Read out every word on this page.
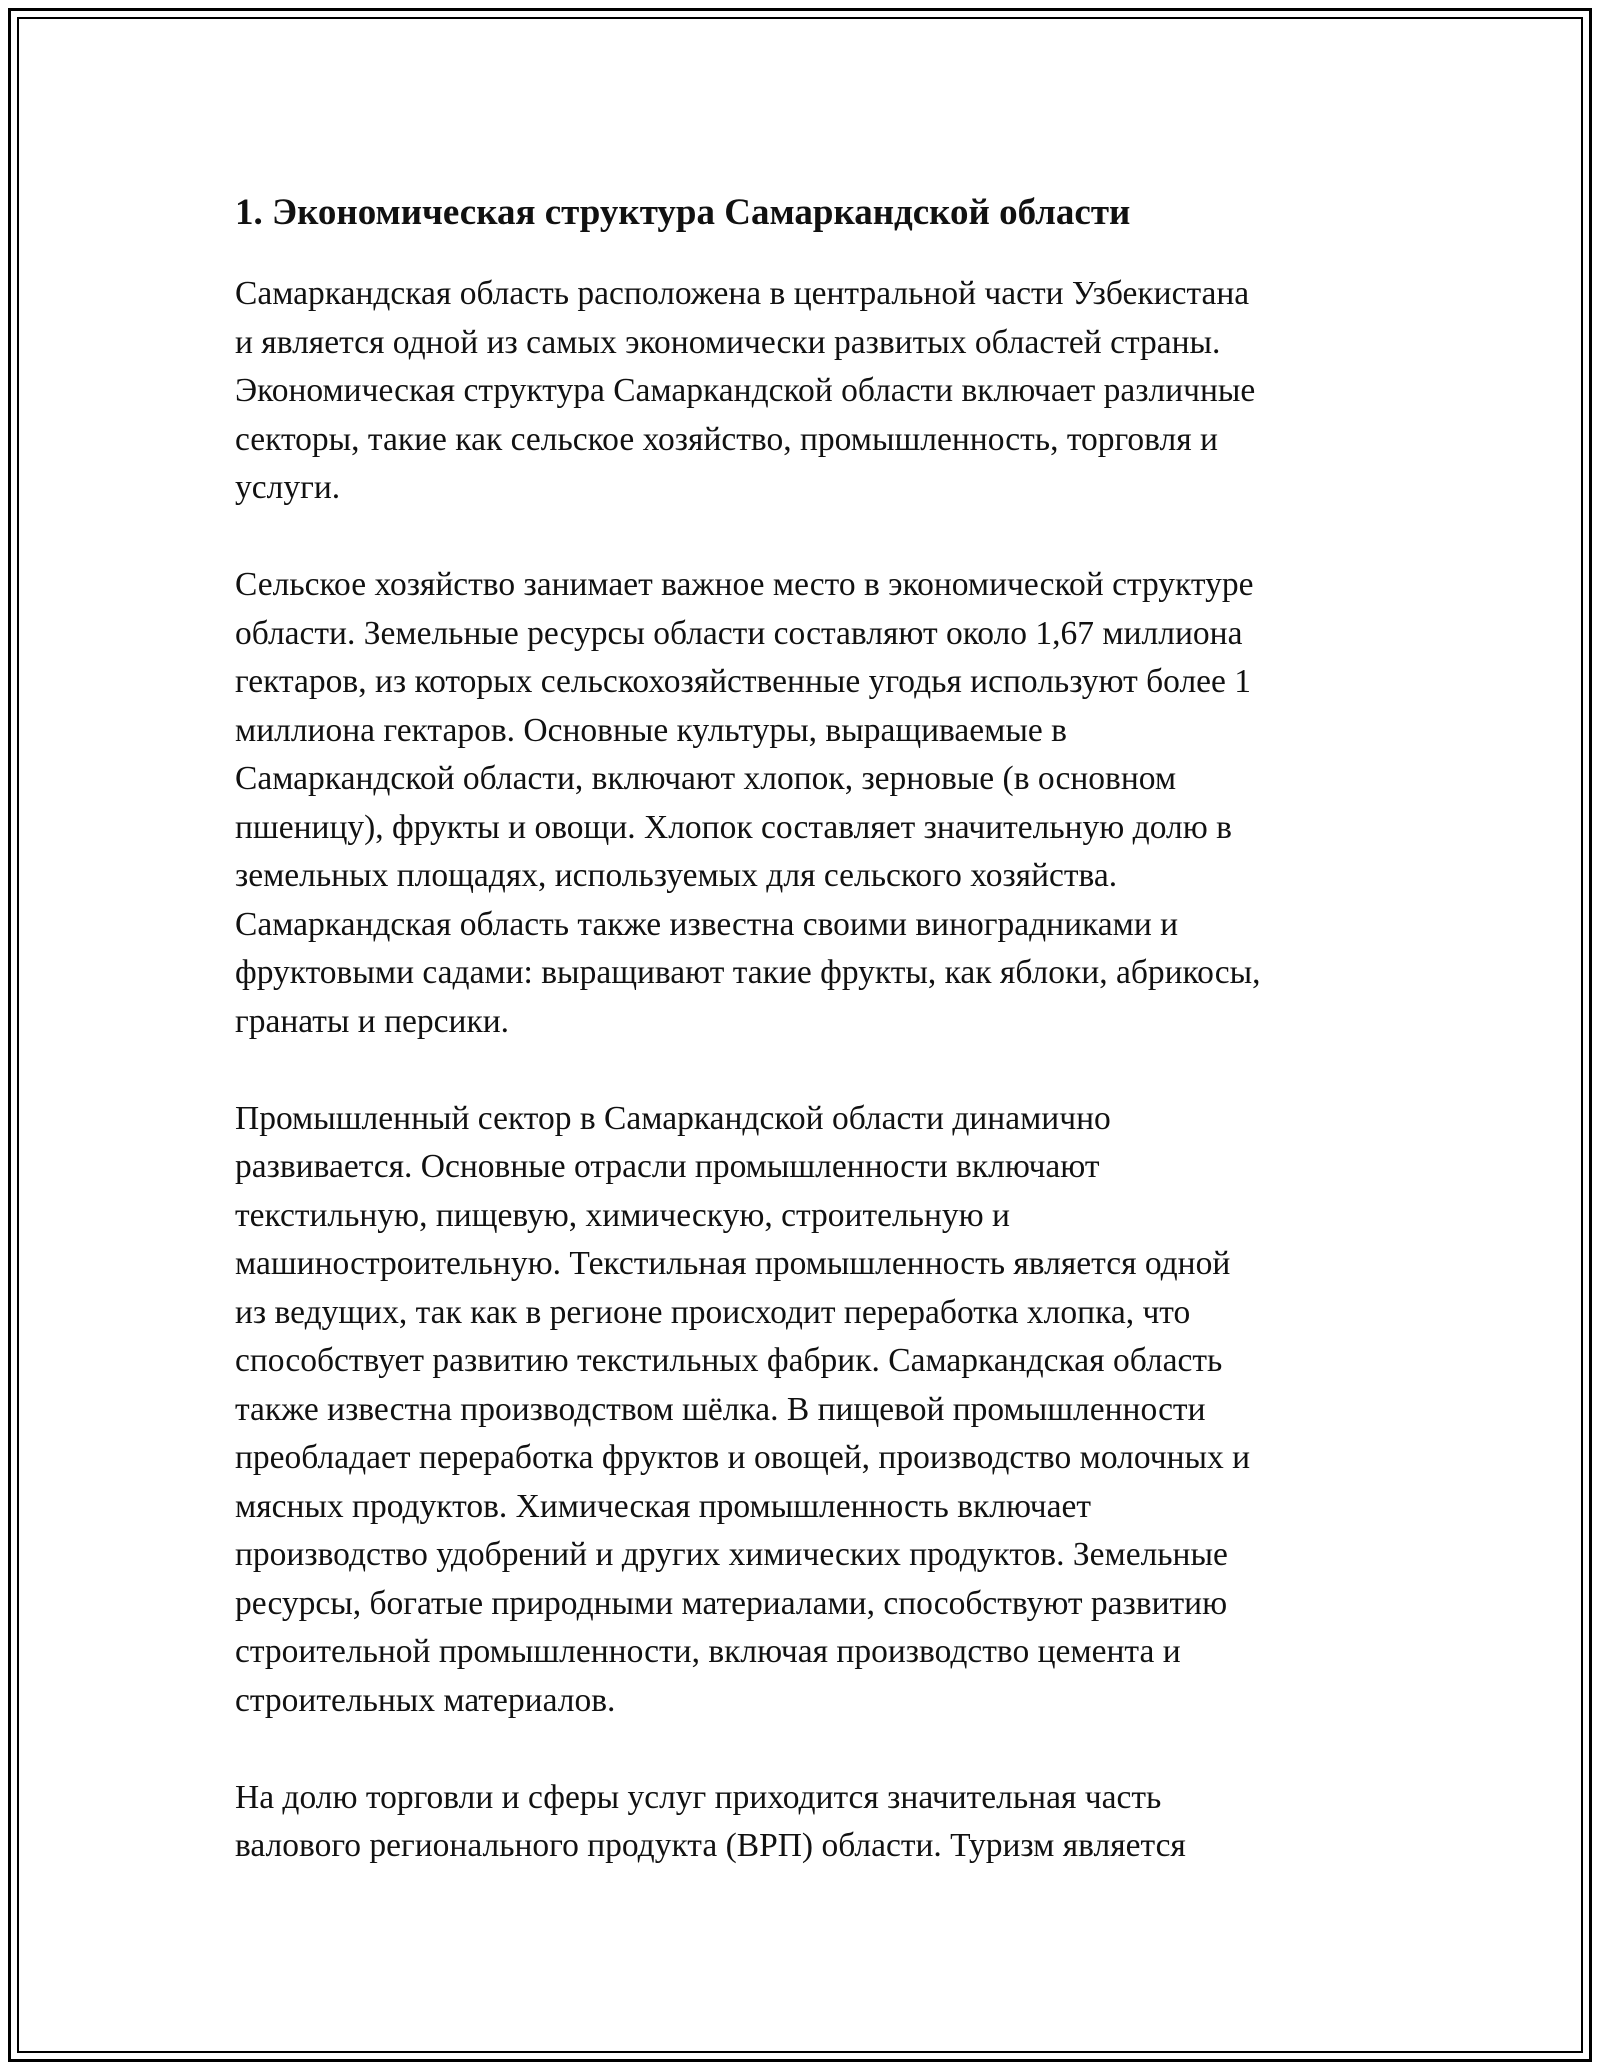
1. Экономическая структура Самаркандской области
Самаркандская область расположена в центральной части Узбекистана
и является одной из самых экономически развитых областей страны.
Экономическая структура Самаркандской области включает различные
секторы, такие как сельское хозяйство, промышленность, торговля и
услуги.
Сельское хозяйство занимает важное место в экономической структуре
области. Земельные ресурсы области составляют около 1,67 миллиона
гектаров, из которых сельскохозяйственные угодья используют более 1
миллиона гектаров. Основные культуры, выращиваемые в
Самаркандской области, включают хлопок, зерновые (в основном
пшеницу), фрукты и овощи. Хлопок составляет значительную долю в
земельных площадях, используемых для сельского хозяйства.
Самаркандская область также известна своими виноградниками и
фруктовыми садами: выращивают такие фрукты, как яблоки, абрикосы,
гранаты и персики.
Промышленный сектор в Самаркандской области динамично
развивается. Основные отрасли промышленности включают
текстильную, пищевую, химическую, строительную и
машиностроительную. Текстильная промышленность является одной
из ведущих, так как в регионе происходит переработка хлопка, что
способствует развитию текстильных фабрик. Самаркандская область
также известна производством шёлка. В пищевой промышленности
преобладает переработка фруктов и овощей, производство молочных и
мясных продуктов. Химическая промышленность включает
производство удобрений и других химических продуктов. Земельные
ресурсы, богатые природными материалами, способствуют развитию
строительной промышленности, включая производство цемента и
строительных материалов.
На долю торговли и сферы услуг приходится значительная часть
валового регионального продукта (ВРП) области. Туризм является
